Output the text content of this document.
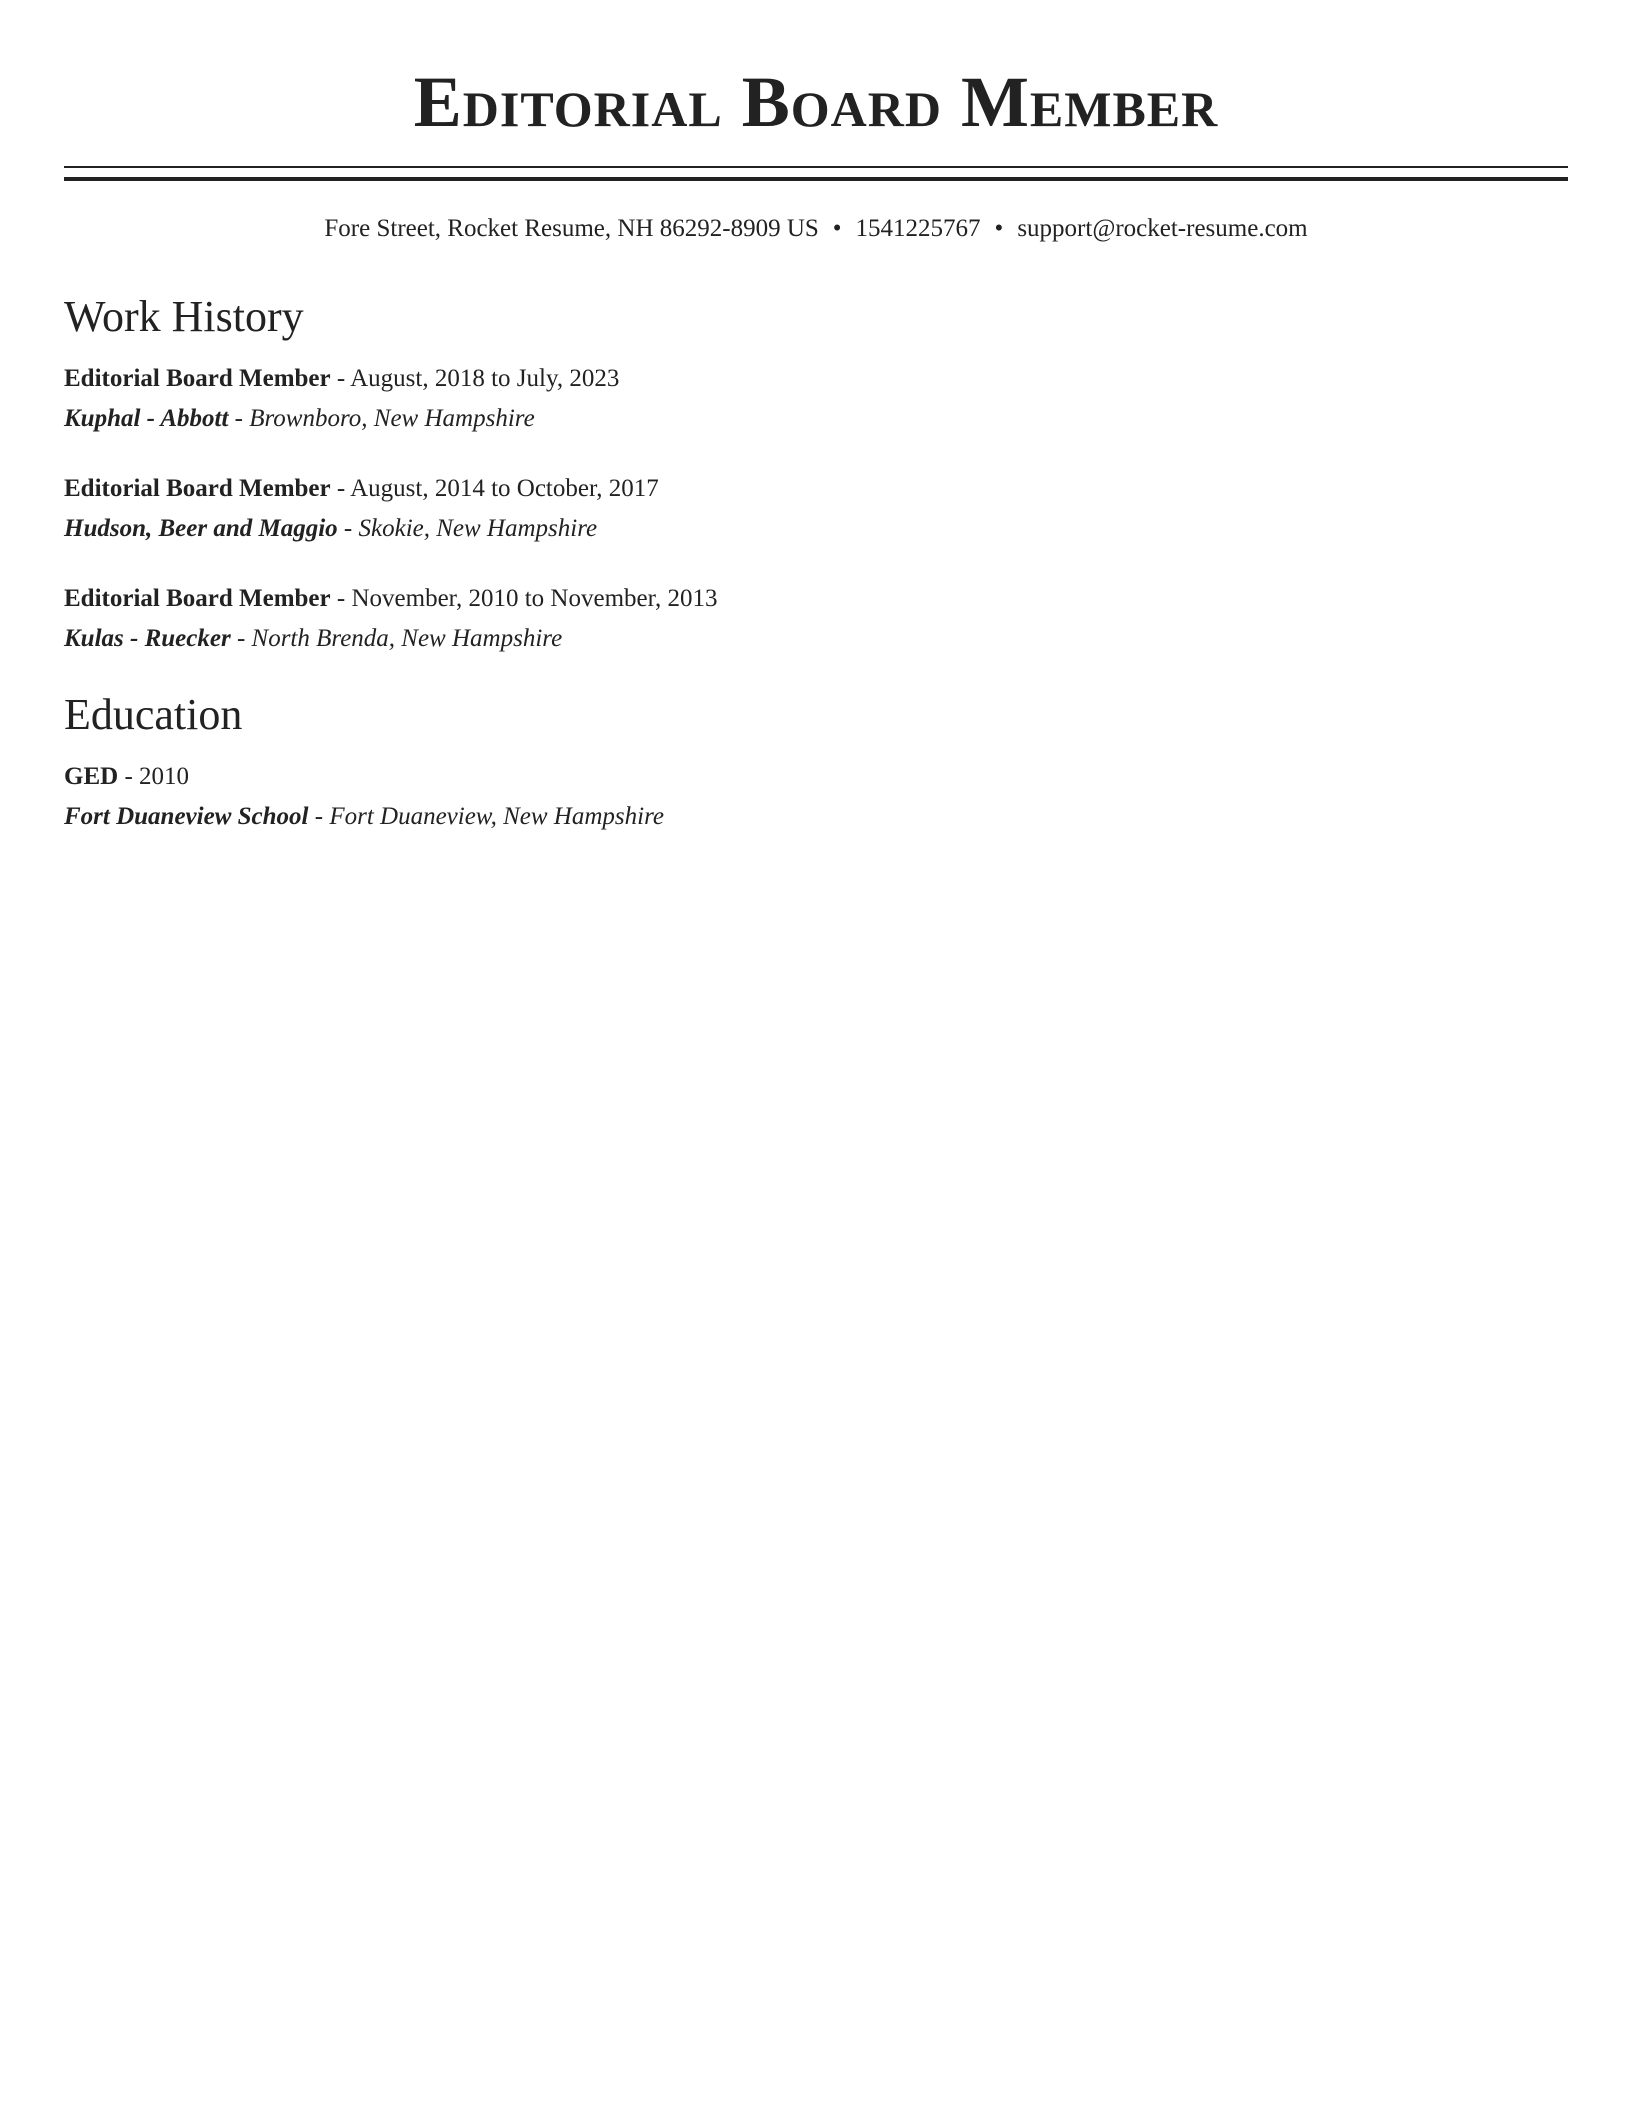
Editorial Board Member
Fore Street, Rocket Resume, NH 86292-8909 US • 1541225767 • support@rocket-resume.com
Work History
Editorial Board Member - August, 2018 to July, 2023
Kuphal - Abbott - Brownboro, New Hampshire
Editorial Board Member - August, 2014 to October, 2017
Hudson, Beer and Maggio - Skokie, New Hampshire
Editorial Board Member - November, 2010 to November, 2013
Kulas - Ruecker - North Brenda, New Hampshire
Education
GED - 2010
Fort Duaneview School - Fort Duaneview, New Hampshire
